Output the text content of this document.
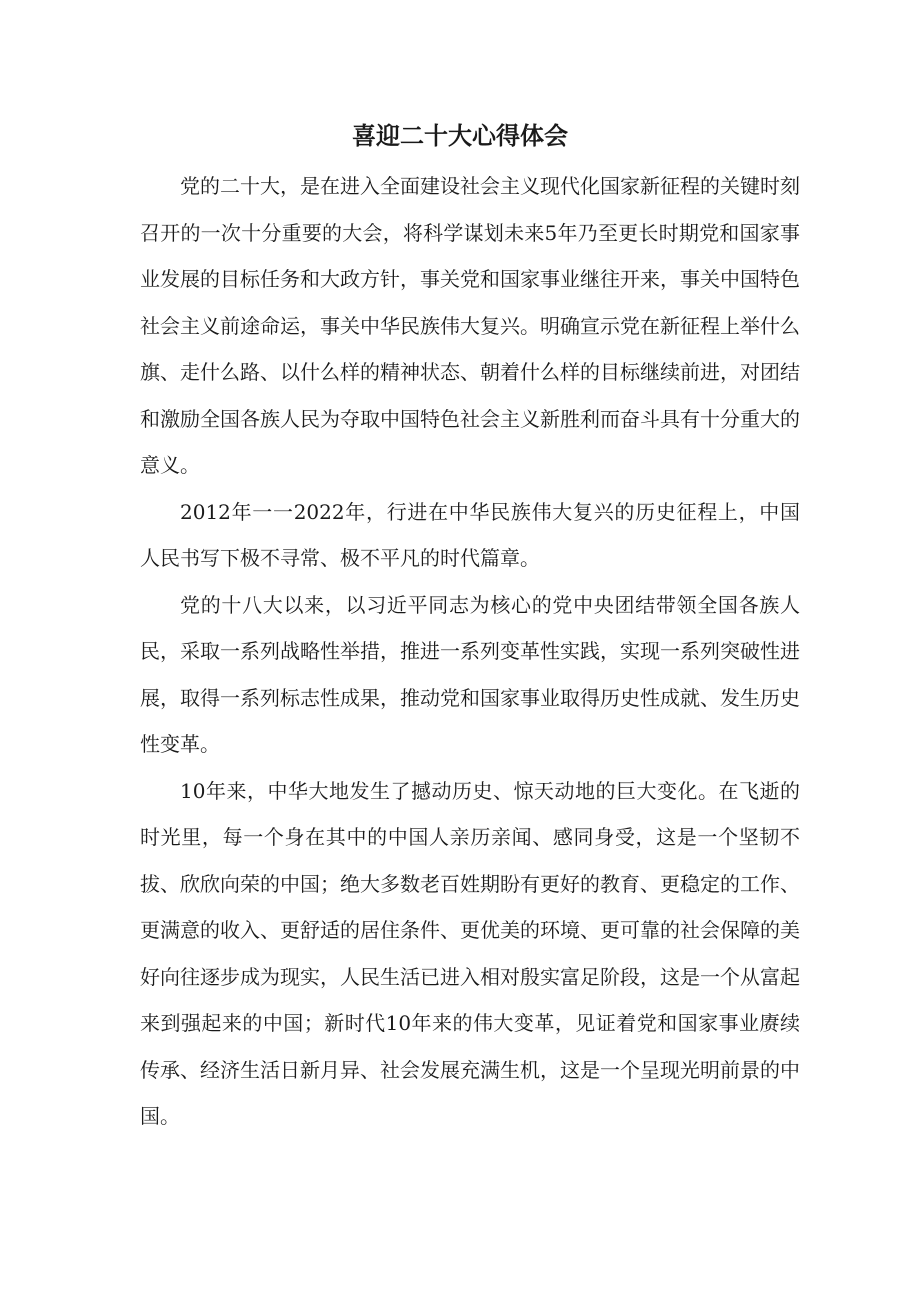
喜迎二十大心得体会

党的二十大，是在进入全面建设社会主义现代化国家新征程的关键时刻召开的一次十分重要的大会，将科学谋划未来5年乃至更长时期党和国家事业发展的目标任务和大政方针，事关党和国家事业继往开来，事关中国特色社会主义前途命运，事关中华民族伟大复兴。明确宣示党在新征程上举什么旗、走什么路、以什么样的精神状态、朝着什么样的目标继续前进，对团结和激励全国各族人民为夺取中国特色社会主义新胜利而奋斗具有十分重大的意义。

2012年一一2022年，行进在中华民族伟大复兴的历史征程上，中国人民书写下极不寻常、极不平凡的时代篇章。

党的十八大以来，以习近平同志为核心的党中央团结带领全国各族人民，采取一系列战略性举措，推进一系列变革性实践，实现一系列突破性进展，取得一系列标志性成果，推动党和国家事业取得历史性成就、发生历史性变革。

10年来，中华大地发生了撼动历史、惊天动地的巨大变化。在飞逝的时光里，每一个身在其中的中国人亲历亲闻、感同身受，这是一个坚韧不拔、欣欣向荣的中国；绝大多数老百姓期盼有更好的教育、更稳定的工作、更满意的收入、更舒适的居住条件、更优美的环境、更可靠的社会保障的美好向往逐步成为现实，人民生活已进入相对殷实富足阶段，这是一个从富起来到强起来的中国；新时代10年来的伟大变革，见证着党和国家事业赓续传承、经济生活日新月异、社会发展充满生机，这是一个呈现光明前景的中国。
